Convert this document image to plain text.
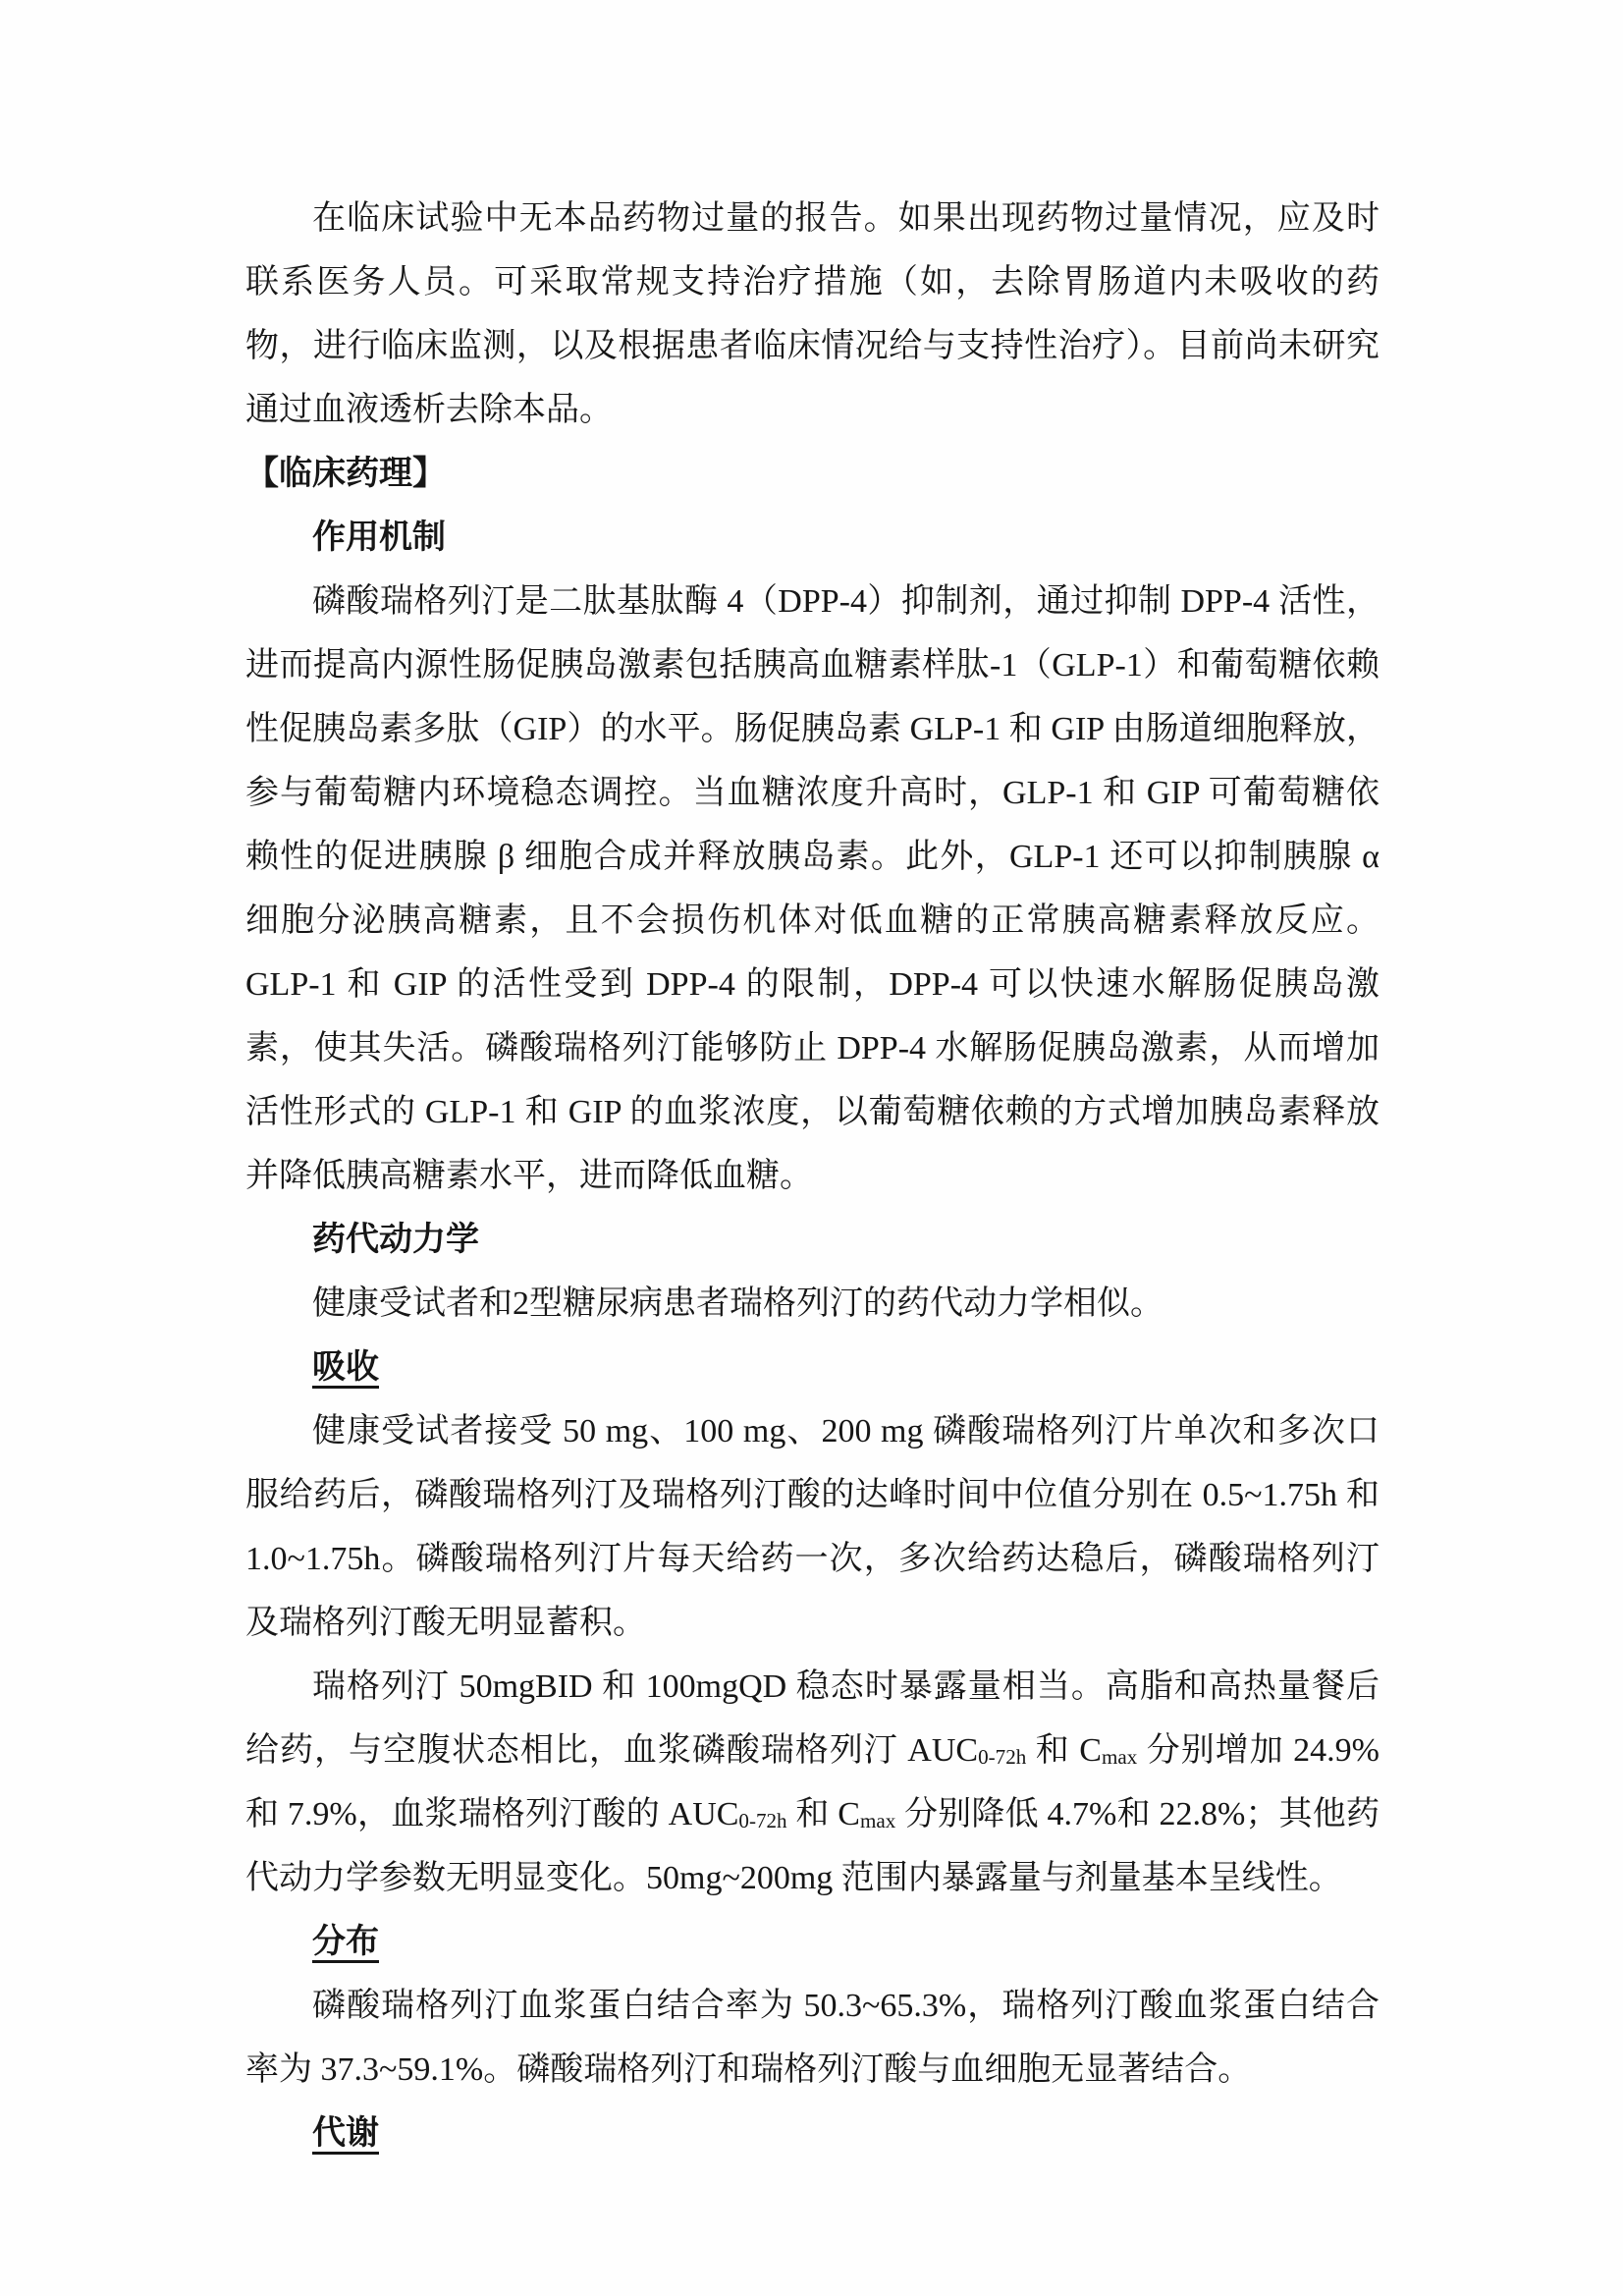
在临床试验中无本品药物过量的报告。如果出现药物过量情况，应及时联系医务人员。可采取常规支持治疗措施（如，去除胃肠道内未吸收的药物，进行临床监测，以及根据患者临床情况给与支持性治疗）。目前尚未研究通过血液透析去除本品。

【临床药理】
作用机制

磷酸瑞格列汀是二肽基肽酶 4（DPP-4）抑制剂，通过抑制 DPP-4 活性，进而提高内源性肠促胰岛激素包括胰高血糖素样肽-1（GLP-1）和葡萄糖依赖性促胰岛素多肽（GIP）的水平。肠促胰岛素 GLP-1 和 GIP 由肠道细胞释放，参与葡萄糖内环境稳态调控。当血糖浓度升高时，GLP-1 和 GIP 可葡萄糖依赖性的促进胰腺 β 细胞合成并释放胰岛素。此外，GLP-1 还可以抑制胰腺 α 细胞分泌胰高糖素，且不会损伤机体对低血糖的正常胰高糖素释放反应。GLP-1 和 GIP 的活性受到 DPP-4 的限制，DPP-4 可以快速水解肠促胰岛激素，使其失活。磷酸瑞格列汀能够防止 DPP-4 水解肠促胰岛激素，从而增加活性形式的 GLP-1 和 GIP 的血浆浓度，以葡萄糖依赖的方式增加胰岛素释放并降低胰高糖素水平，进而降低血糖。

药代动力学

健康受试者和2型糖尿病患者瑞格列汀的药代动力学相似。

吸收

健康受试者接受 50 mg、100 mg、200 mg 磷酸瑞格列汀片单次和多次口服给药后，磷酸瑞格列汀及瑞格列汀酸的达峰时间中位值分别在 0.5~1.75h 和 1.0~1.75h。磷酸瑞格列汀片每天给药一次，多次给药达稳后，磷酸瑞格列汀及瑞格列汀酸无明显蓄积。

瑞格列汀 50mgBID 和 100mgQD 稳态时暴露量相当。高脂和高热量餐后给药，与空腹状态相比，血浆磷酸瑞格列汀 $AUC_{0-72h}$ 和 $C_{max}$ 分别增加 24.9%和 7.9%，血浆瑞格列汀酸的 $AUC_{0-72h}$ 和 $C_{max}$ 分别降低 4.7%和 22.8%；其他药代动力学参数无明显变化。50mg~200mg 范围内暴露量与剂量基本呈线性。

分布

磷酸瑞格列汀血浆蛋白结合率为 50.3~65.3%，瑞格列汀酸血浆蛋白结合率为 37.3~59.1%。磷酸瑞格列汀和瑞格列汀酸与血细胞无显著结合。

代谢
